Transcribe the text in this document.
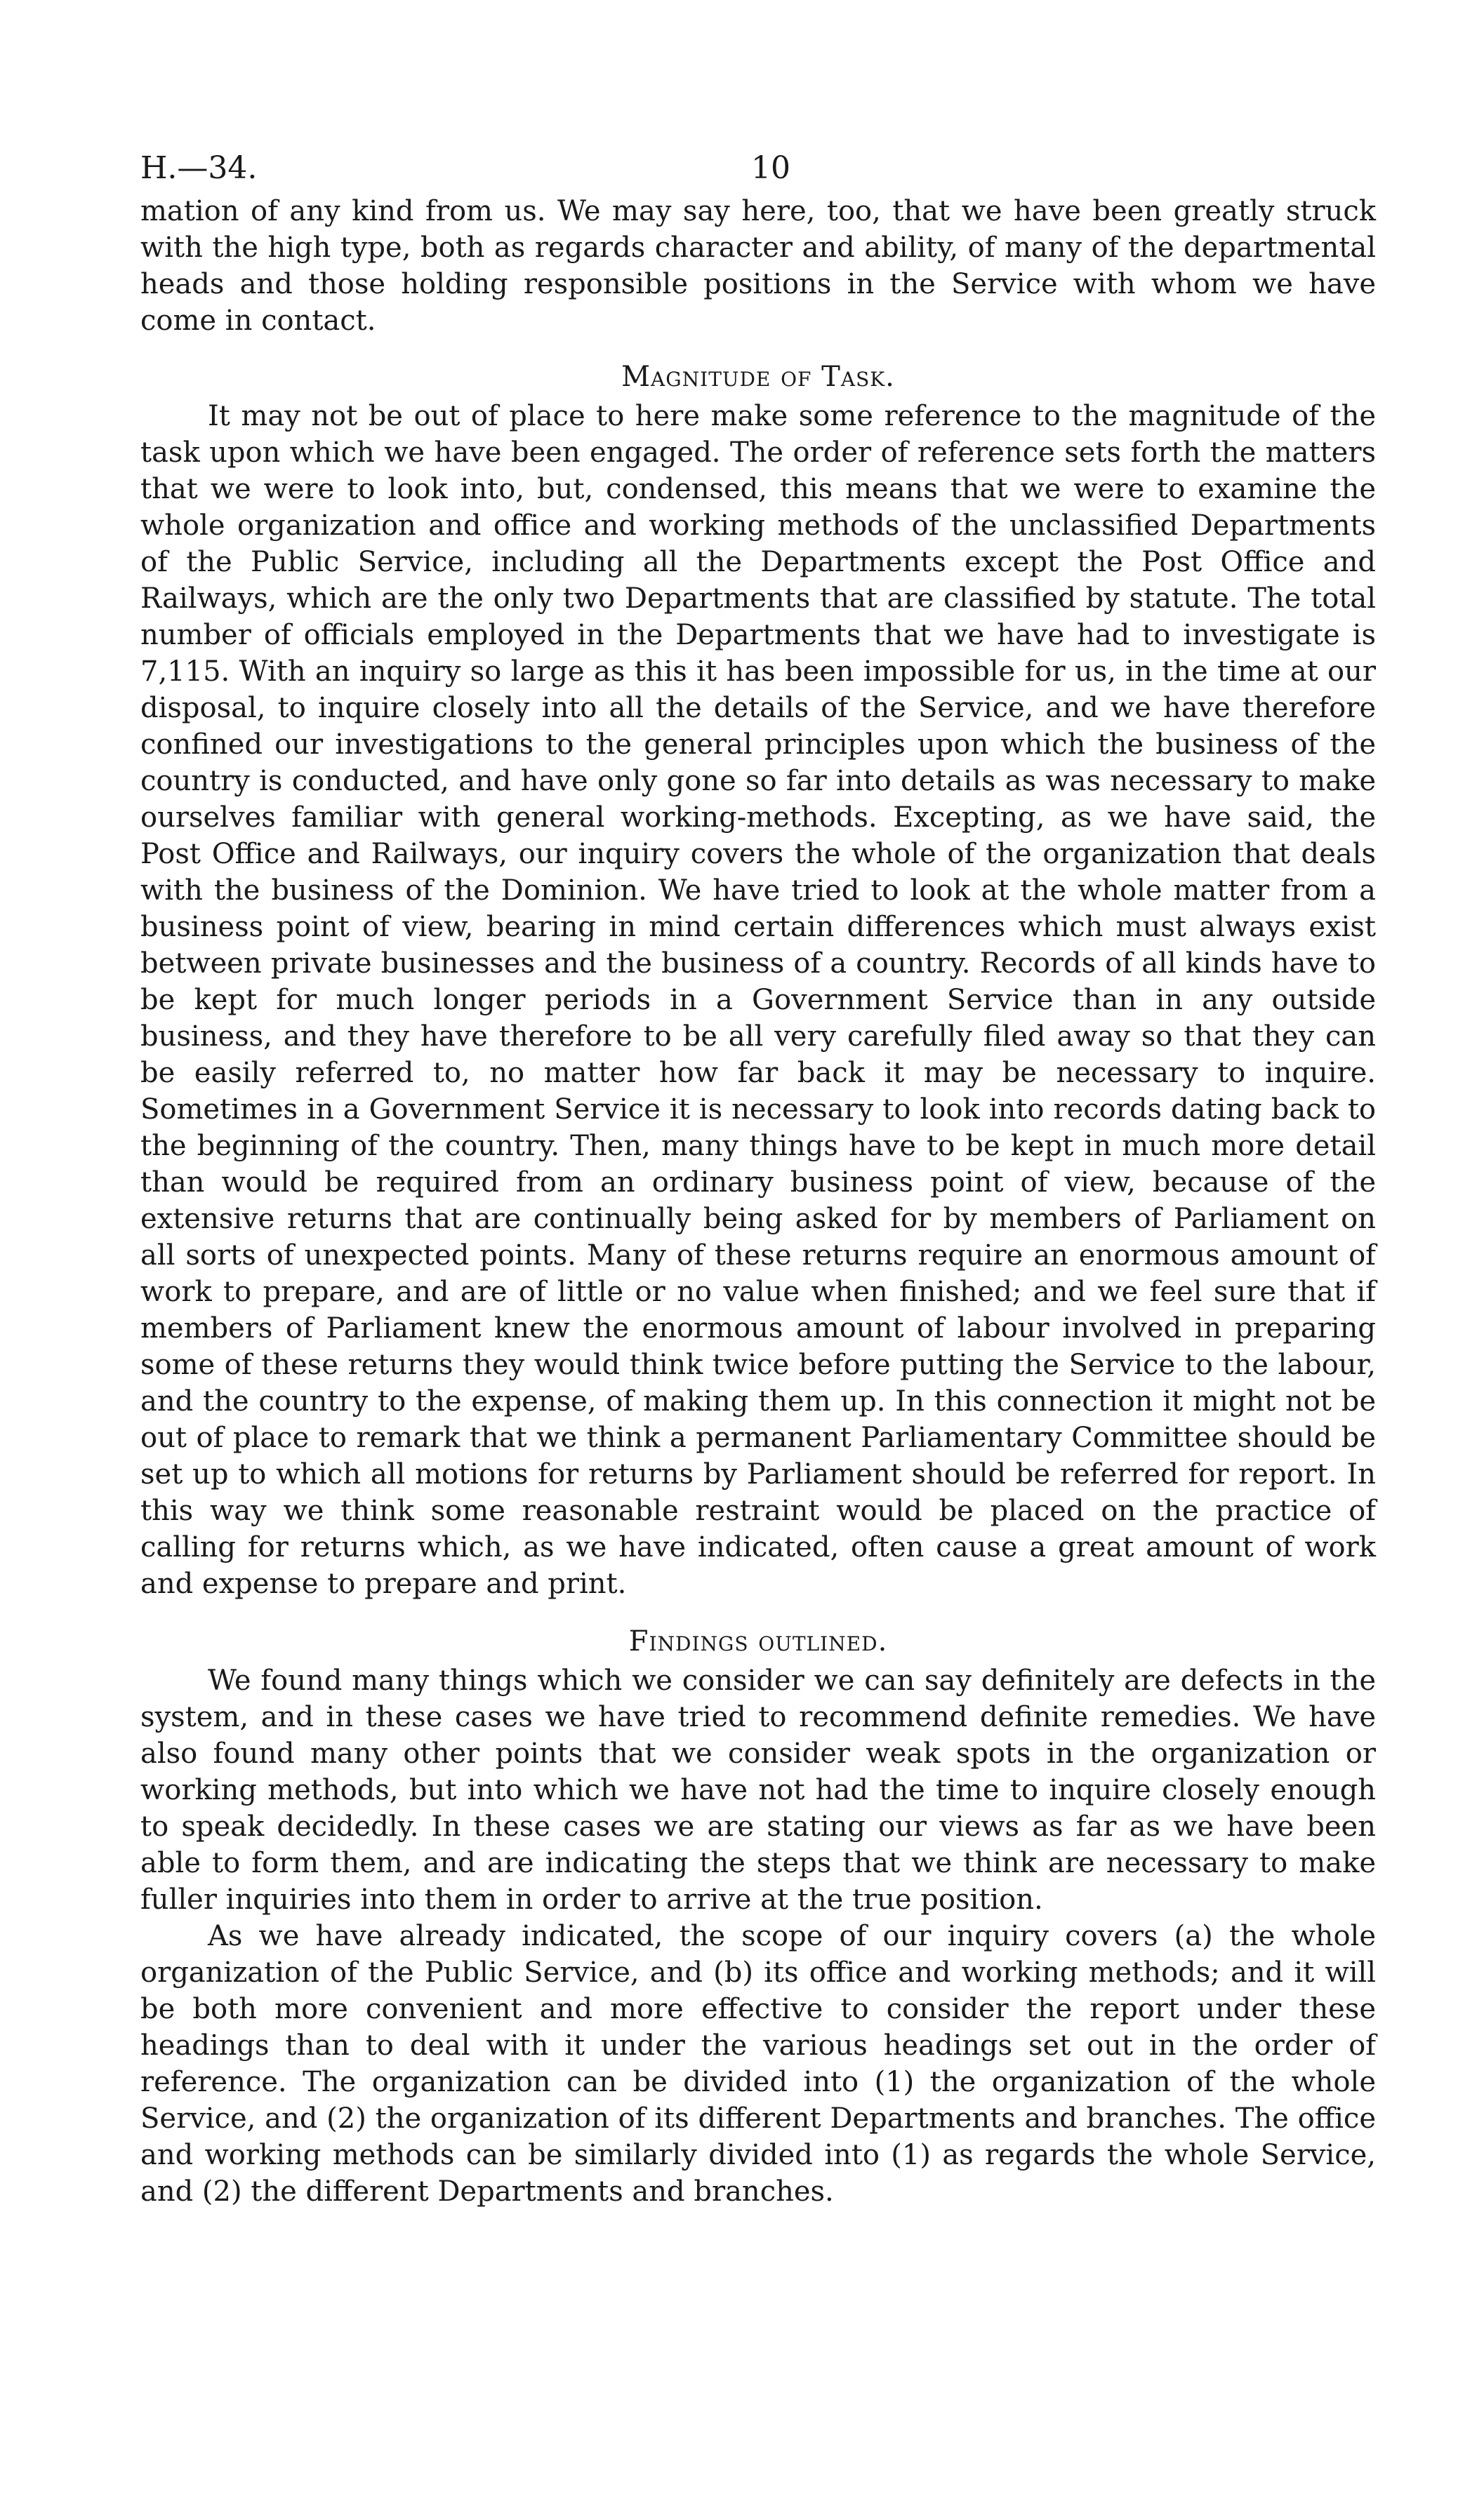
H.—34.	10

mation of any kind from us. We may say here, too, that we have been greatly struck with the high type, both as regards character and ability, of many of the departmental heads and those holding responsible positions in the Service with whom we have come in contact.

Magnitude of Task.

It may not be out of place to here make some reference to the magnitude of the task upon which we have been engaged. The order of reference sets forth the matters that we were to look into, but, condensed, this means that we were to examine the whole organization and office and working methods of the unclassified Departments of the Public Service, including all the Departments except the Post Office and Railways, which are the only two Departments that are classified by statute. The total number of officials employed in the Departments that we have had to investigate is 7,115. With an inquiry so large as this it has been impossible for us, in the time at our disposal, to inquire closely into all the details of the Service, and we have therefore confined our investigations to the general principles upon which the business of the country is conducted, and have only gone so far into details as was necessary to make ourselves familiar with general working-methods. Excepting, as we have said, the Post Office and Railways, our inquiry covers the whole of the organization that deals with the business of the Dominion. We have tried to look at the whole matter from a business point of view, bearing in mind certain differences which must always exist between private businesses and the business of a country. Records of all kinds have to be kept for much longer periods in a Government Service than in any outside business, and they have therefore to be all very carefully filed away so that they can be easily referred to, no matter how far back it may be necessary to inquire. Sometimes in a Government Service it is necessary to look into records dating back to the beginning of the country. Then, many things have to be kept in much more detail than would be required from an ordinary business point of view, because of the extensive returns that are continually being asked for by members of Parliament on all sorts of unexpected points. Many of these returns require an enormous amount of work to prepare, and are of little or no value when finished; and we feel sure that if members of Parliament knew the enormous amount of labour involved in preparing some of these returns they would think twice before putting the Service to the labour, and the country to the expense, of making them up. In this connection it might not be out of place to remark that we think a permanent Parliamentary Committee should be set up to which all motions for returns by Parliament should be referred for report. In this way we think some reasonable restraint would be placed on the practice of calling for returns which, as we have indicated, often cause a great amount of work and expense to prepare and print.

Findings outlined.

We found many things which we consider we can say definitely are defects in the system, and in these cases we have tried to recommend definite remedies. We have also found many other points that we consider weak spots in the organization or working methods, but into which we have not had the time to inquire closely enough to speak decidedly. In these cases we are stating our views as far as we have been able to form them, and are indicating the steps that we think are necessary to make fuller inquiries into them in order to arrive at the true position.

As we have already indicated, the scope of our inquiry covers (a) the whole organization of the Public Service, and (b) its office and working methods; and it will be both more convenient and more effective to consider the report under these headings than to deal with it under the various headings set out in the order of reference. The organization can be divided into (1) the organization of the whole Service, and (2) the organization of its different Departments and branches. The office and working methods can be similarly divided into (1) as regards the whole Service, and (2) the different Departments and branches.
